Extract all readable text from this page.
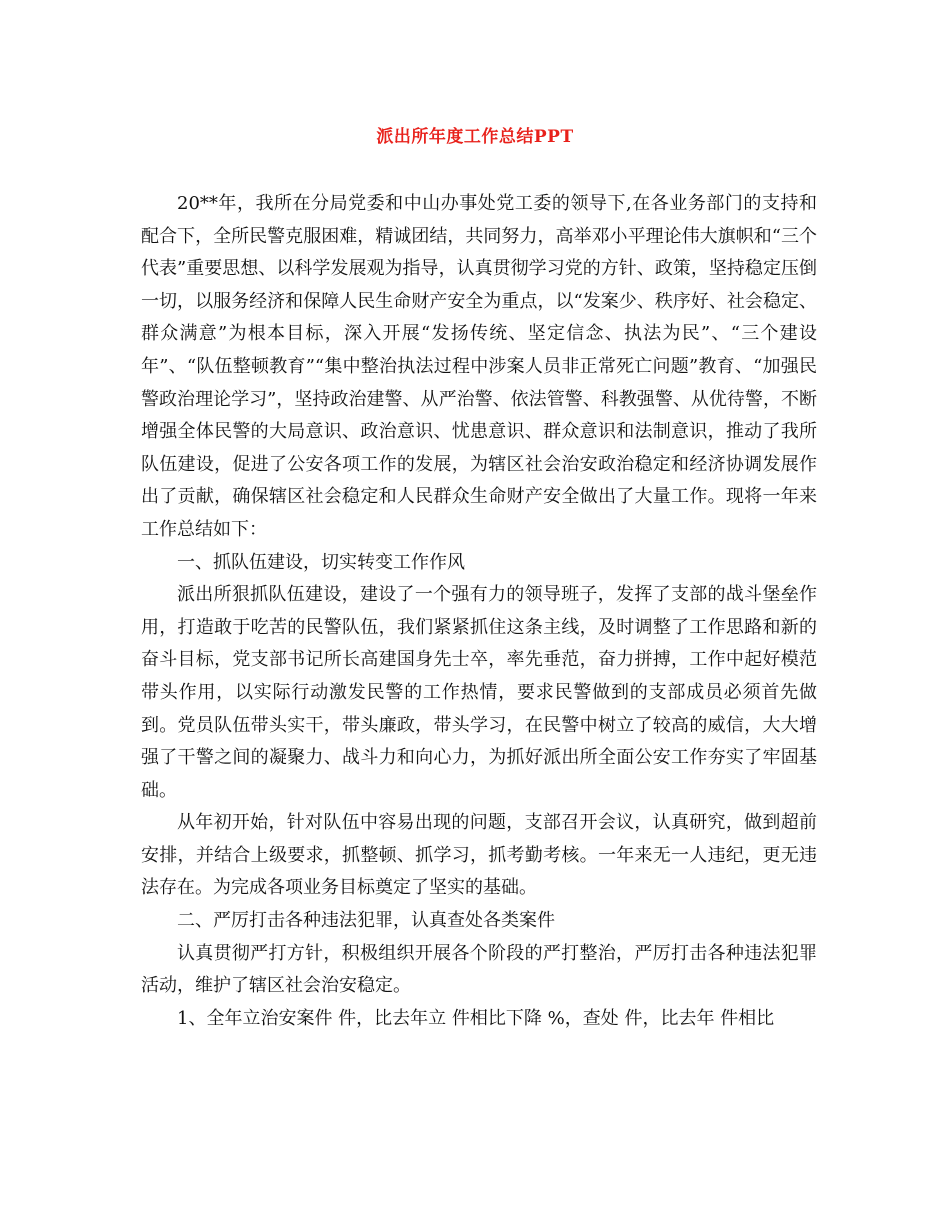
派出所年度工作总结PPT

20**年，我所在分局党委和中山办事处党工委的领导下,在各业务部门的支持和配合下，全所民警克服困难，精诚团结，共同努力，高举邓小平理论伟大旗帜和“三个代表”重要思想、以科学发展观为指导，认真贯彻学习党的方针、政策，坚持稳定压倒一切，以服务经济和保障人民生命财产安全为重点，以“发案少、秩序好、社会稳定、群众满意”为根本目标，深入开展“发扬传统、坚定信念、执法为民”、“三个建设年”、“队伍整顿教育”“集中整治执法过程中涉案人员非正常死亡问题”教育、“加强民警政治理论学习”，坚持政治建警、从严治警、依法管警、科教强警、从优待警，不断增强全体民警的大局意识、政治意识、忧患意识、群众意识和法制意识，推动了我所队伍建设，促进了公安各项工作的发展，为辖区社会治安政治稳定和经济协调发展作出了贡献，确保辖区社会稳定和人民群众生命财产安全做出了大量工作。现将一年来工作总结如下：

一、抓队伍建设，切实转变工作作风

派出所狠抓队伍建设，建设了一个强有力的领导班子，发挥了支部的战斗堡垒作用，打造敢于吃苦的民警队伍，我们紧紧抓住这条主线，及时调整了工作思路和新的奋斗目标，党支部书记所长高建国身先士卒，率先垂范，奋力拼搏，工作中起好模范带头作用，以实际行动激发民警的工作热情，要求民警做到的支部成员必须首先做到。党员队伍带头实干，带头廉政，带头学习，在民警中树立了较高的威信，大大增强了干警之间的凝聚力、战斗力和向心力，为抓好派出所全面公安工作夯实了牢固基础。

从年初开始，针对队伍中容易出现的问题，支部召开会议，认真研究，做到超前安排，并结合上级要求，抓整顿、抓学习，抓考勤考核。一年来无一人违纪，更无违法存在。为完成各项业务目标奠定了坚实的基础。

二、严厉打击各种违法犯罪，认真查处各类案件

认真贯彻严打方针，积极组织开展各个阶段的严打整治，严厉打击各种违法犯罪活动，维护了辖区社会治安稳定。

1、全年立治安案件 件，比去年立 件相比下降 %，查处 件，比去年 件相比
